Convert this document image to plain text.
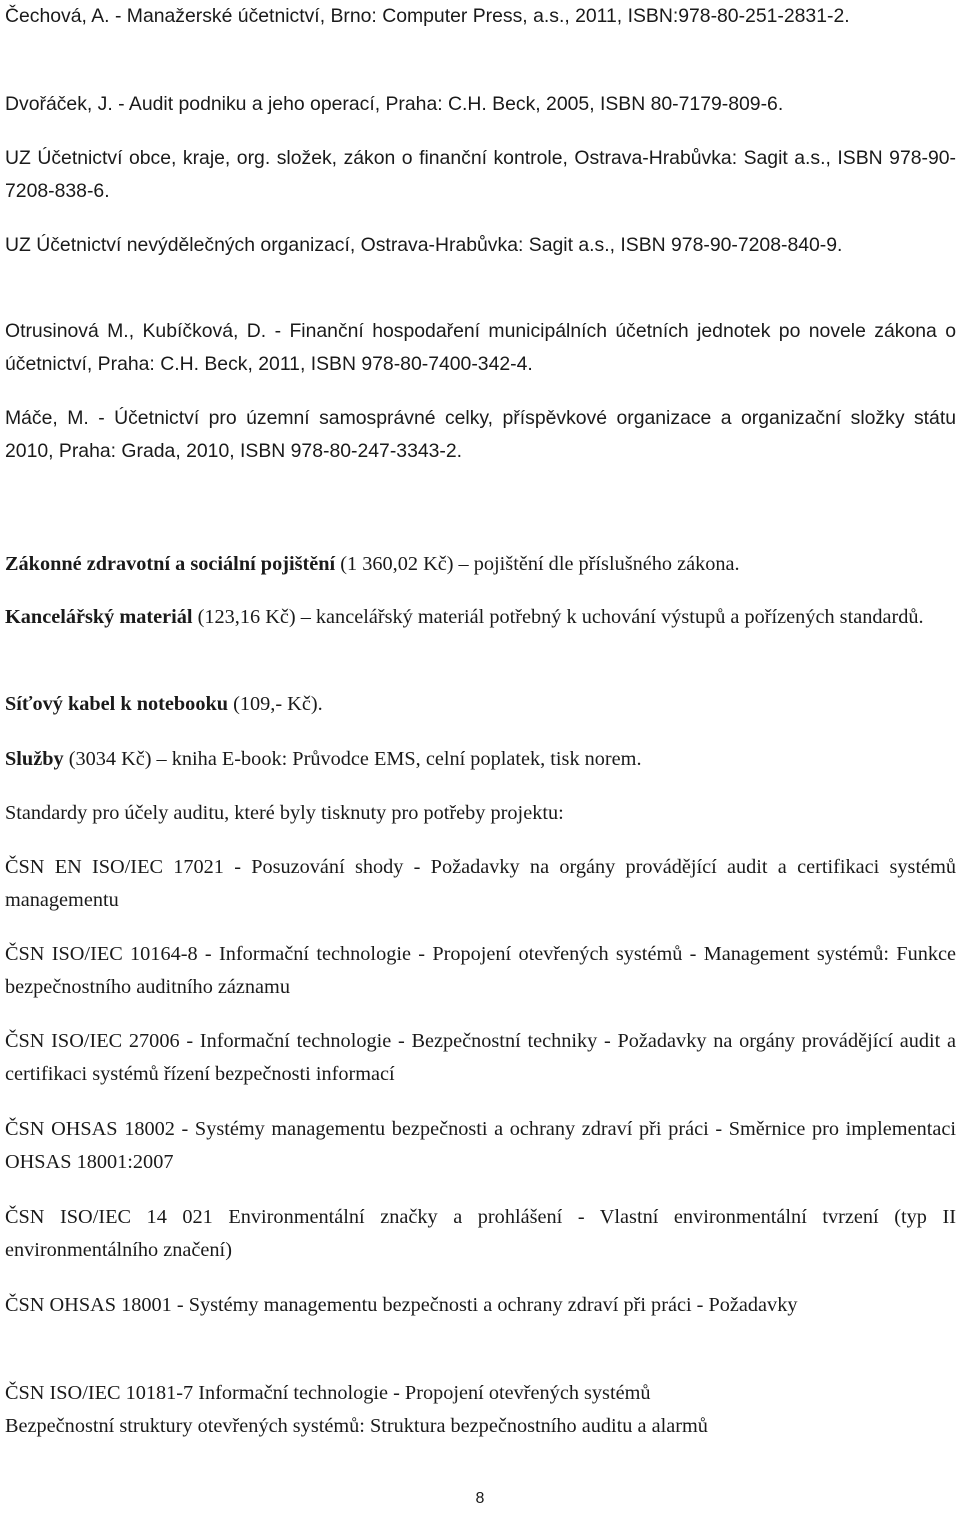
Čechová, A. - Manažerské účetnictví, Brno: Computer Press, a.s., 2011, ISBN:978-80-251-2831-2.

Dvořáček, J. - Audit podniku a jeho operací, Praha: C.H. Beck, 2005, ISBN 80-7179-809-6.

UZ Účetnictví obce, kraje, org. složek, zákon o finanční kontrole, Ostrava-Hrabůvka: Sagit a.s., ISBN 978-90-7208-838-6.

UZ Účetnictví nevýdělečných organizací, Ostrava-Hrabůvka: Sagit a.s., ISBN 978-90-7208-840-9.

Otrusinová M., Kubíčková, D. - Finanční hospodaření municipálních účetních jednotek po novele zákona o účetnictví, Praha: C.H. Beck, 2011, ISBN 978-80-7400-342-4.

Máče, M. - Účetnictví pro územní samosprávné celky, příspěvkové organizace a organizační složky státu 2010, Praha: Grada, 2010, ISBN 978-80-247-3343-2.

Zákonné zdravotní a sociální pojištění (1 360,02 Kč) – pojištění dle příslušného zákona.

Kancelářský materiál (123,16 Kč) – kancelářský materiál potřebný k uchování výstupů a pořízených standardů.

Síťový kabel k notebooku (109,- Kč).

Služby (3034 Kč) – kniha E-book: Průvodce EMS, celní poplatek, tisk norem.

Standardy pro účely auditu, které byly tisknuty pro potřeby projektu:

ČSN EN ISO/IEC 17021 - Posuzování shody - Požadavky na orgány provádějící audit a certifikaci systémů managementu

ČSN ISO/IEC 10164-8 - Informační technologie - Propojení otevřených systémů - Management systémů: Funkce bezpečnostního auditního záznamu

ČSN ISO/IEC 27006 - Informační technologie - Bezpečnostní techniky - Požadavky na orgány provádějící audit a certifikaci systémů řízení bezpečnosti informací

ČSN OHSAS 18002 - Systémy managementu bezpečnosti a ochrany zdraví při práci - Směrnice pro implementaci OHSAS 18001:2007

ČSN ISO/IEC 14 021 Environmentální značky a prohlášení - Vlastní environmentální tvrzení (typ II environmentálního značení)

ČSN OHSAS 18001 - Systémy managementu bezpečnosti a ochrany zdraví při práci - Požadavky

ČSN ISO/IEC 10181-7 Informační technologie - Propojení otevřených systémů

Bezpečnostní struktury otevřených systémů: Struktura bezpečnostního auditu a alarmů

8
